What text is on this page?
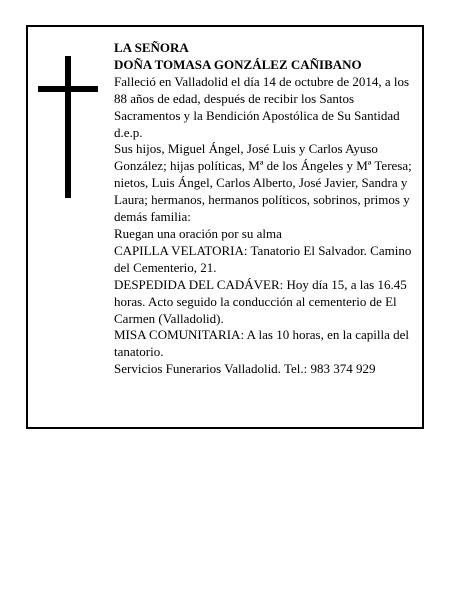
LA SEÑORA

DOÑA TOMASA GONZÁLEZ CAÑIBANO

Falleció en Valladolid el día 14 de octubre de 2014, a los 88 años de edad, después de recibir los Santos Sacramentos y la Bendición Apostólica de Su Santidad d.e.p.

Sus hijos, Miguel Ángel, José Luis y Carlos Ayuso González; hijas políticas, Mª de los Ángeles y Mª Teresa; nietos, Luis Ángel, Carlos Alberto, José Javier, Sandra y Laura; hermanos, hermanos políticos, sobrinos, primos y demás familia:

Ruegan una oración por su alma

CAPILLA VELATORIA: Tanatorio El Salvador. Camino del Cementerio, 21.

DESPEDIDA DEL CADÁVER: Hoy día 15, a las 16.45 horas. Acto seguido la conducción al cementerio de El Carmen (Valladolid).

MISA COMUNITARIA: A las 10 horas, en la capilla del tanatorio.

Servicios Funerarios Valladolid. Tel.: 983 374 929
